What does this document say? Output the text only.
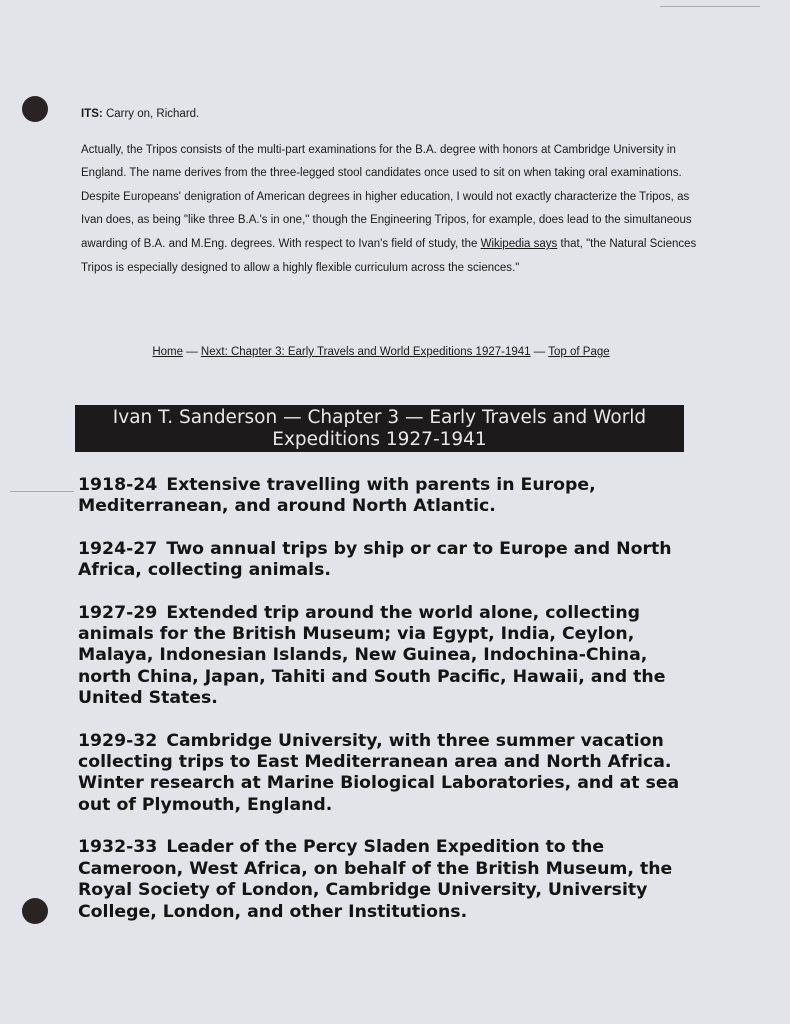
ITS: Carry on, Richard.

Actually, the Tripos consists of the multi-part examinations for the B.A. degree with honors at Cambridge University in England. The name derives from the three-legged stool candidates once used to sit on when taking oral examinations. Despite Europeans' denigration of American degrees in higher education, I would not exactly characterize the Tripos, as Ivan does, as being "like three B.A.'s in one," though the Engineering Tripos, for example, does lead to the simultaneous awarding of B.A. and M.Eng. degrees. With respect to Ivan's field of study, the Wikipedia says that, "the Natural Sciences Tripos is especially designed to allow a highly flexible curriculum across the sciences."

Home — Next: Chapter 3: Early Travels and World Expeditions 1927-1941 — Top of Page
Ivan T. Sanderson — Chapter 3 — Early Travels and World
Expeditions 1927-1941

1918-24 Extensive travelling with parents in Europe, Mediterranean, and around North Atlantic.

1924-27 Two annual trips by ship or car to Europe and North Africa, collecting animals.

1927-29 Extended trip around the world alone, collecting animals for the British Museum; via Egypt, India, Ceylon, Malaya, Indonesian Islands, New Guinea, Indochina-China, north China, Japan, Tahiti and South Pacific, Hawaii, and the United States.

1929-32 Cambridge University, with three summer vacation collecting trips to East Mediterranean area and North Africa. Winter research at Marine Biological Laboratories, and at sea out of Plymouth, England.

1932-33 Leader of the Percy Sladen Expedition to the Cameroon, West Africa, on behalf of the British Museum, the Royal Society of London, Cambridge University, University College, London, and other Institutions.
